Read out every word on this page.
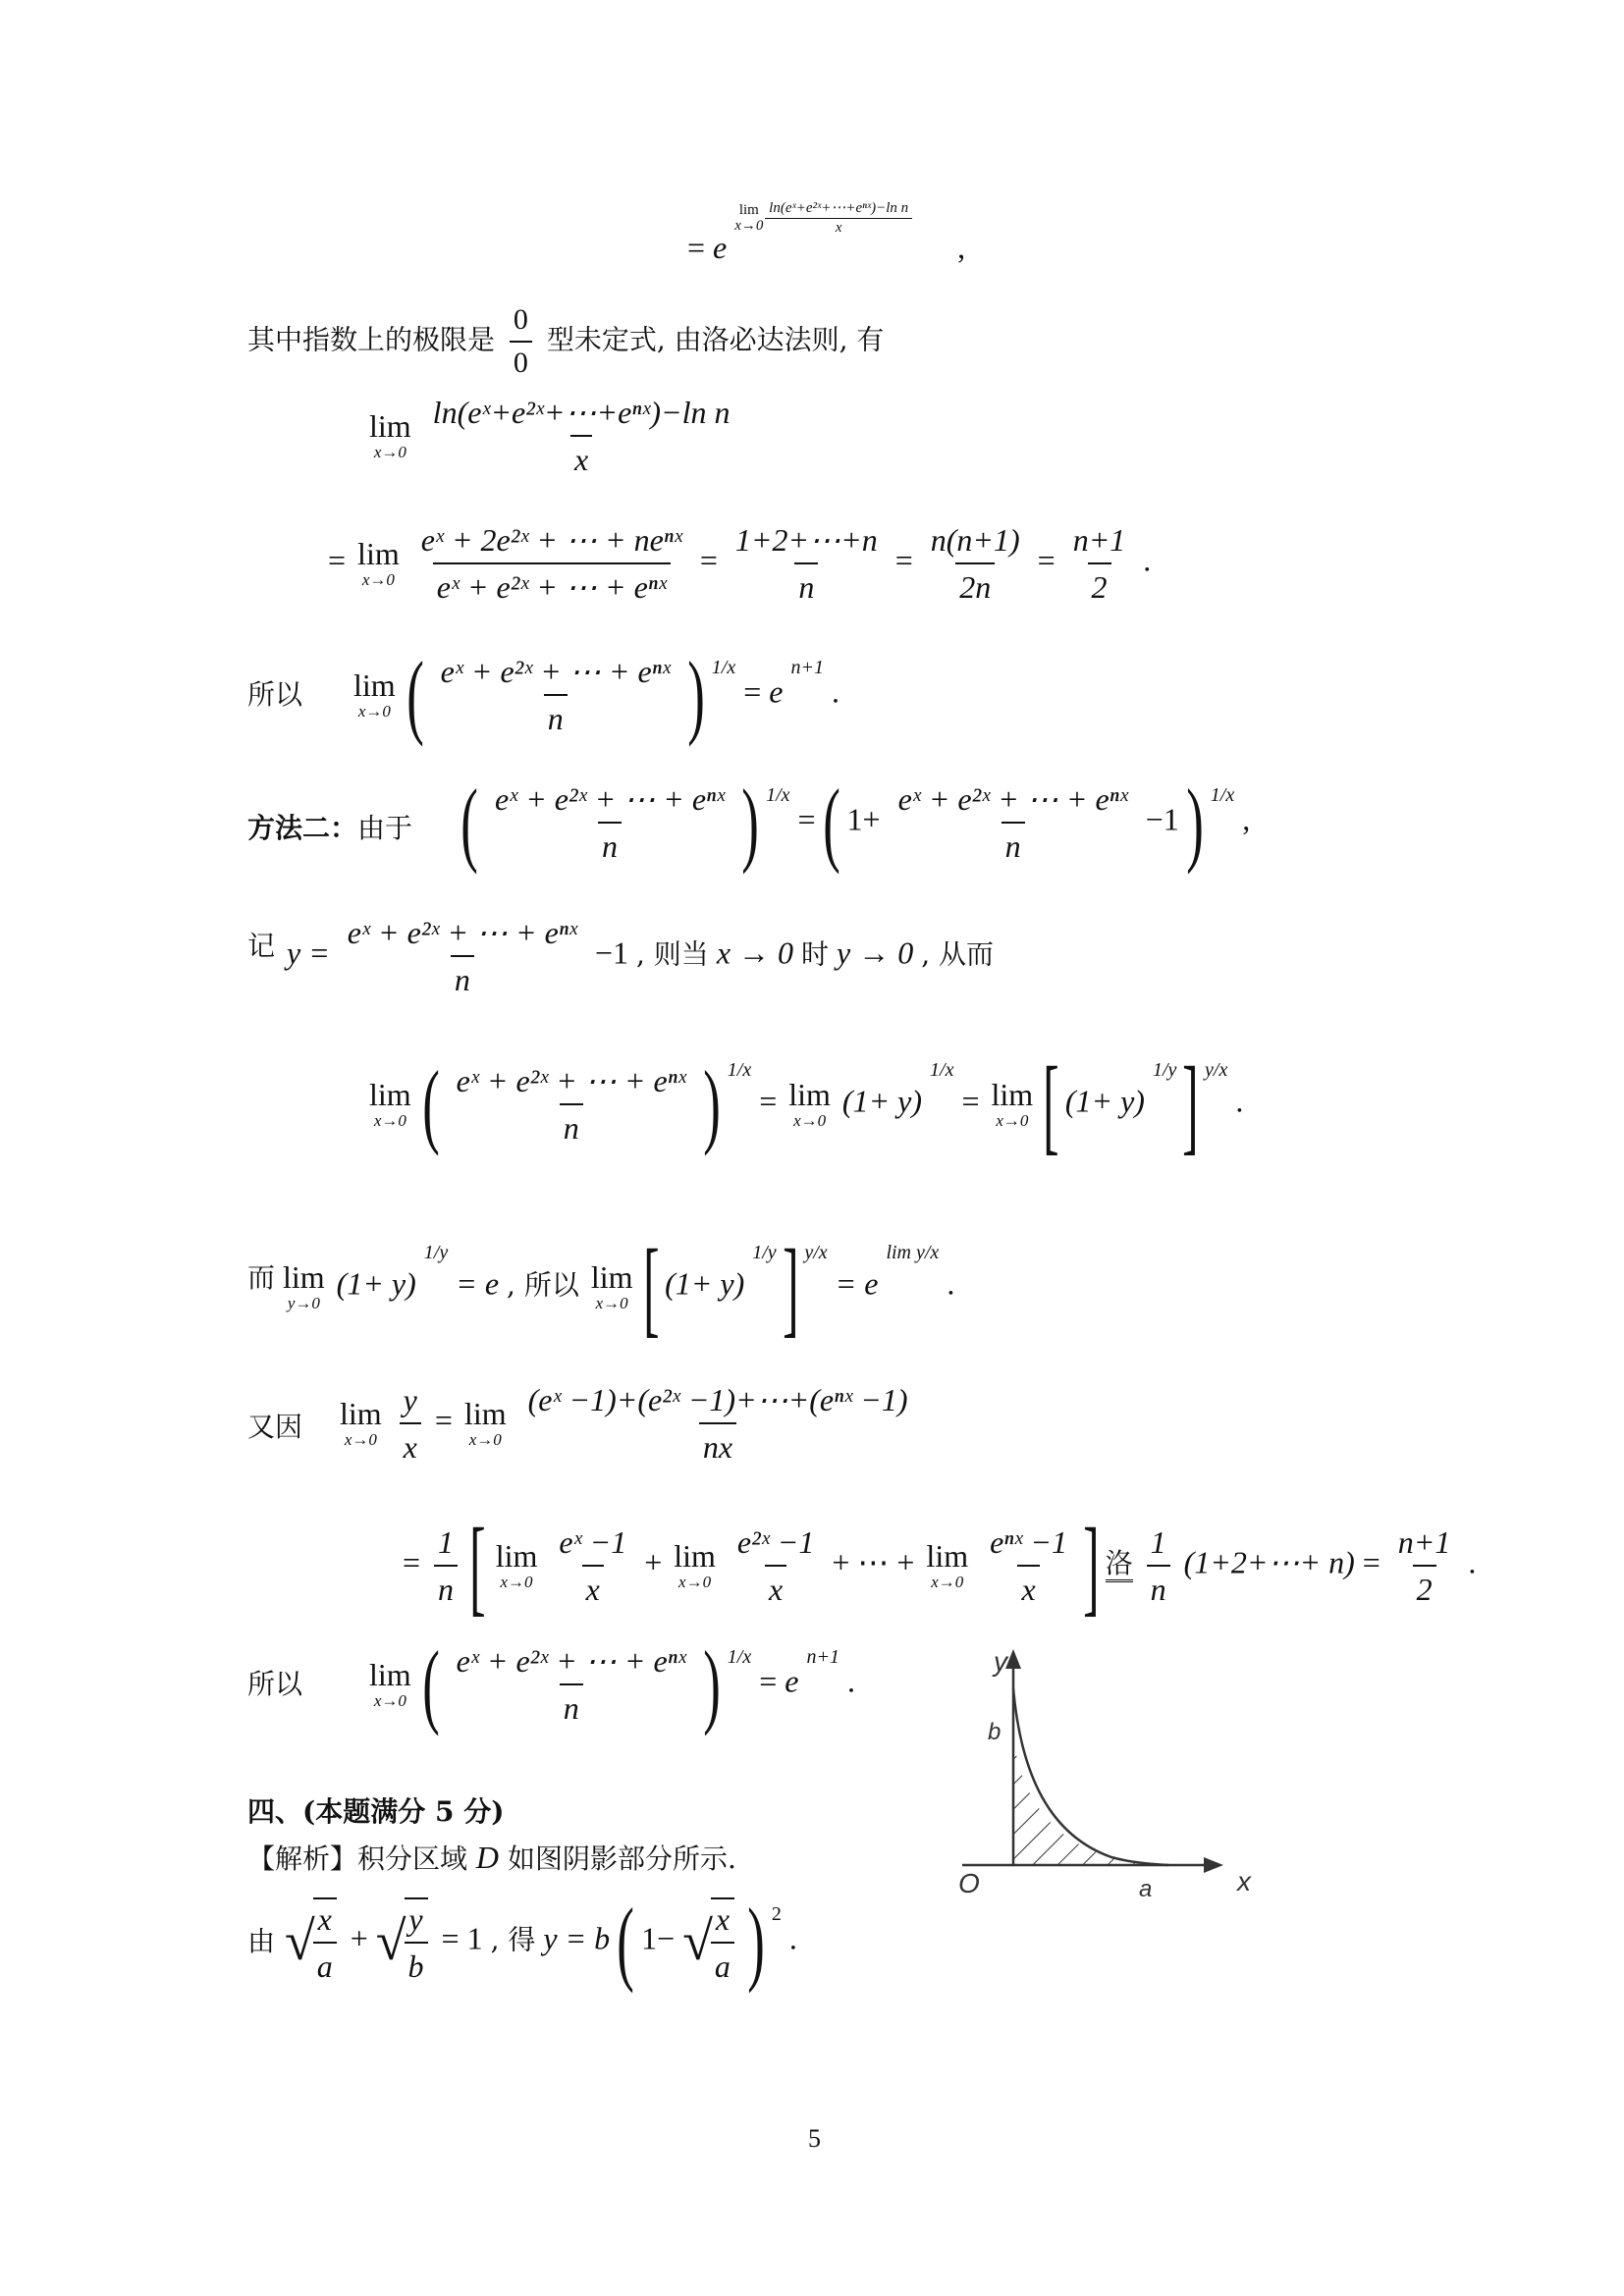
= e
lim
x→0

ln(eˣ+e²ˣ+⋯+eⁿˣ)−ln n
x
,
其中指数上的极限是 $\frac{0}{0}$ 型未定式, 由洛必达法则, 有
lim
x→0
$\frac{\text{ln(eˣ+e²ˣ+⋯+eⁿˣ)−ln n}}{x}$
= lim
x→0
$\frac{\text{eˣ + 2e²ˣ + ⋯ + neⁿˣ}}{\text{eˣ + e²ˣ + ⋯ + eⁿˣ}} = \frac{1+2+\cdots+n}{n} = \frac{n(n+1)}{2n} = \frac{n+1}{2}$ .
所以 lim
x→0 ( $\frac{\text{eˣ + e²ˣ + ⋯ + eⁿˣ}}{n}$ ) 1/x = e n+1 .
方法二：由于 ( $\frac{\text{eˣ + e²ˣ + ⋯ + eⁿˣ}}{n}$ ) 1/x = ( $1+ \frac{\text{eˣ + e²ˣ + ⋯ + eⁿˣ}}{n} -1$ ) 1/x ,
记 $y = \frac{\text{eˣ + e²ˣ + ⋯ + eⁿˣ}}{n} -1$ , 则当 x → 0 时 y → 0 , 从而
lim
x→0 ( $\frac{\text{eˣ + e²ˣ + ⋯ + eⁿˣ}}{n}$ ) 1/x = lim
x→0
(1+ y) 1/x = lim
x→0 [ (1+ y) 1/y ] y/x .
而 lim
y→0
(1+ y) 1/y = e , 所以 lim
x→0 [ (1+ y) 1/y ] y/x = e lim y/x .
又因 lim
x→0
$\frac{y}{x} = \lim$
x→0
$\frac{\text{(eˣ −1)+(e²ˣ −1)+⋯+(eⁿˣ −1)}}{nx}$
= $\frac{1}{n}$ [ lim
x→0
$\frac{\text{eˣ −1}}{x} + \lim$
x→0
$\frac{\text{e²ˣ −1}}{x}$ + ⋯ + lim
x→0
$\frac{\text{eⁿˣ −1}}{x}$ ] 洛 $\frac{1}{n}$ (1+2+⋯+ $n) = \frac{n+1}{2}$ .
所以 lim
x→0 ( $\frac{\text{eˣ + e²ˣ + ⋯ + eⁿˣ}}{n}$ ) 1/x = e n+1 .
四、(本题满分 5 分)
【解析】积分区域 D 如图阴影部分所示.
由 √
$\frac{x}{a}$ + √
$\frac{y}{b} = 1$ , 得 y = b ( 1− √
$\frac{x}{a}$ ) 2 .
y
b
O	a	x
5
